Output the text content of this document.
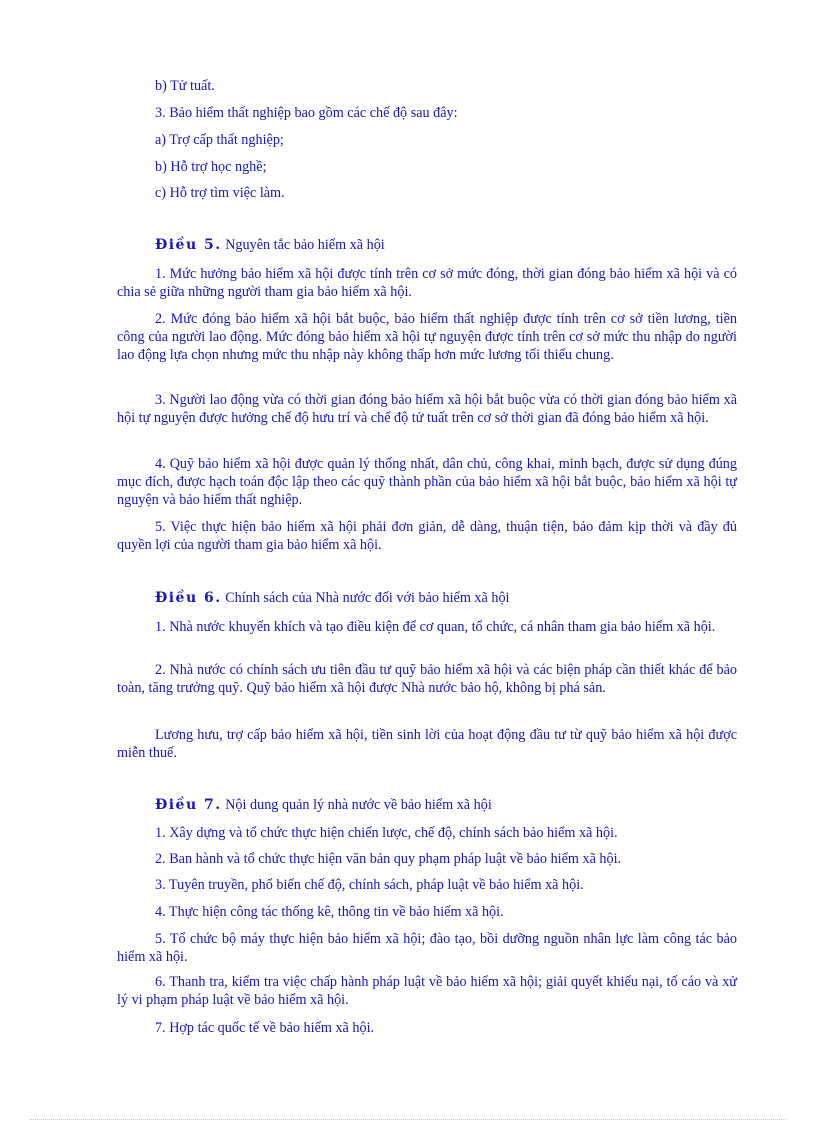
b) Tử tuất.

3. Bảo hiểm thất nghiệp bao gồm các chế độ sau đây:

a) Trợ cấp thất nghiệp;

b) Hỗ trợ học nghề;

c) Hỗ trợ tìm việc làm.

Điều 5. Nguyên tắc bảo hiểm xã hội

1. Mức hưởng bảo hiểm xã hội được tính trên cơ sở mức đóng, thời gian đóng bảo hiểm xã hội và có chia sẻ giữa những người tham gia bảo hiểm xã hội.

2. Mức đóng bảo hiểm xã hội bắt buộc, bảo hiểm thất nghiệp được tính trên cơ sở tiền lương, tiền công của người lao động. Mức đóng bảo hiểm xã hội tự nguyện được tính trên cơ sở mức thu nhập do người lao động lựa chọn nhưng mức thu nhập này không thấp hơn mức lương tối thiểu chung.

3. Người lao động vừa có thời gian đóng bảo hiểm xã hội bắt buộc vừa có thời gian đóng bảo hiểm xã hội tự nguyện được hưởng chế độ hưu trí và chế độ tử tuất trên cơ sở thời gian đã đóng bảo hiểm xã hội.

4. Quỹ bảo hiểm xã hội được quản lý thống nhất, dân chủ, công khai, minh bạch, được sử dụng đúng mục đích, được hạch toán độc lập theo các quỹ thành phần của bảo hiểm xã hội bắt buộc, bảo hiểm xã hội tự nguyện và bảo hiểm thất nghiệp.

5. Việc thực hiện bảo hiểm xã hội phải đơn giản, dễ dàng, thuận tiện, bảo đảm kịp thời và đầy đủ quyền lợi của người tham gia bảo hiểm xã hội.

Điều 6. Chính sách của Nhà nước đối với bảo hiểm xã hội

1. Nhà nước khuyến khích và tạo điều kiện để cơ quan, tổ chức, cá nhân tham gia bảo hiểm xã hội.

2. Nhà nước có chính sách ưu tiên đầu tư quỹ bảo hiểm xã hội và các biện pháp cần thiết khác để bảo toàn, tăng trưởng quỹ. Quỹ bảo hiểm xã hội được Nhà nước bảo hộ, không bị phá sản.

Lương hưu, trợ cấp bảo hiểm xã hội, tiền sinh lời của hoạt động đầu tư từ quỹ bảo hiểm xã hội được miễn thuế.

Điều 7. Nội dung quản lý nhà nước về bảo hiểm xã hội

1. Xây dựng và tổ chức thực hiện chiến lược, chế độ, chính sách bảo hiểm xã hội.

2. Ban hành và tổ chức thực hiện văn bản quy phạm pháp luật về bảo hiểm xã hội.

3. Tuyên truyền, phổ biến chế độ, chính sách, pháp luật về bảo hiểm xã hội.

4. Thực hiện công tác thống kê, thông tin về bảo hiểm xã hội.

5. Tổ chức bộ máy thực hiện bảo hiểm xã hội; đào tạo, bồi dưỡng nguồn nhân lực làm công tác bảo hiểm xã hội.

6. Thanh tra, kiểm tra việc chấp hành pháp luật về bảo hiểm xã hội; giải quyết khiếu nại, tố cáo và xử lý vi phạm pháp luật về bảo hiểm xã hội.

7. Hợp tác quốc tế về bảo hiểm xã hội.
